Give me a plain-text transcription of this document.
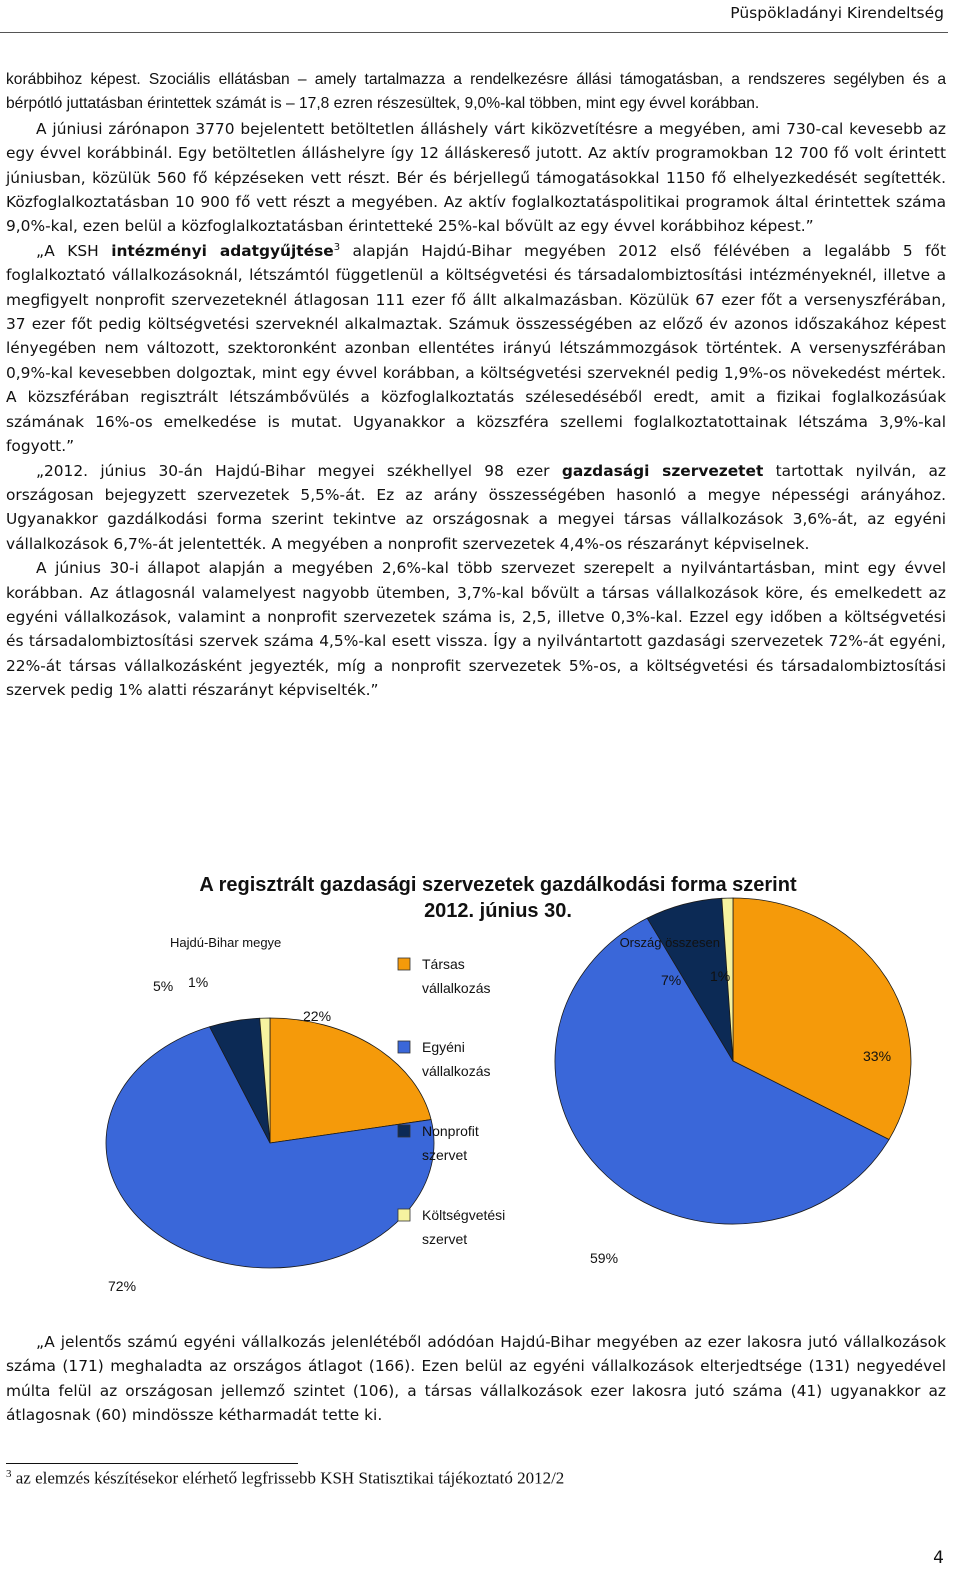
Püspökladányi Kirendeltség

korábbihoz képest. Szociális ellátásban – amely tartalmazza a rendelkezésre állási támogatásban, a rendszeres segélyben és a bérpótló juttatásban érintettek számát is – 17,8 ezren részesültek, 9,0%-kal többen, mint egy évvel korábban.

A júniusi zárónapon 3770 bejelentett betöltetlen álláshely várt kiközvetítésre a megyében, ami 730-cal kevesebb az egy évvel korábbinál. Egy betöltetlen álláshelyre így 12 álláskereső jutott. Az aktív programokban 12 700 fő volt érintett júniusban, közülük 560 fő képzéseken vett részt. Bér és bérjellegű támogatásokkal 1150 fő elhelyezkedését segítették. Közfoglalkoztatásban 10 900 fő vett részt a megyében. Az aktív foglalkoztatáspolitikai programok által érintettek száma 9,0%-kal, ezen belül a közfoglalkoztatásban érintetteké 25%-kal bővült az egy évvel korábbihoz képest.”

„A KSH intézményi adatgyűjtése$^3$ alapján Hajdú-Bihar megyében 2012 első félévében a legalább 5 főt foglalkoztató vállalkozásoknál, létszámtól függetlenül a költségvetési és társadalombiztosítási intézményeknél, illetve a megfigyelt nonprofit szervezeteknél átlagosan 111 ezer fő állt alkalmazásban. Közülük 67 ezer főt a versenyszférában, 37 ezer főt pedig költségvetési szerveknél alkalmaztak. Számuk összességében az előző év azonos időszakához képest lényegében nem változott, szektoronként azonban ellentétes irányú létszámmozgások történtek. A versenyszférában 0,9%-kal kevesebben dolgoztak, mint egy évvel korábban, a költségvetési szerveknél pedig 1,9%-os növekedést mértek. A közszférában regisztrált létszámbővülés a közfoglalkoztatás szélesedéséből eredt, amit a fizikai foglalkozásúak számának 16%-os emelkedése is mutat. Ugyanakkor a közszféra szellemi foglalkoztatottainak létszáma 3,9%-kal fogyott.”

„2012. június 30-án Hajdú-Bihar megyei székhellyel 98 ezer gazdasági szervezetet tartottak nyilván, az országosan bejegyzett szervezetek 5,5%-át. Ez az arány összességében hasonló a megye népességi arányához. Ugyanakkor gazdálkodási forma szerint tekintve az országosnak a megyei társas vállalkozások 3,6%-át, az egyéni vállalkozások 6,7%-át jelentették. A megyében a nonprofit szervezetek 4,4%-os részarányt képviselnek.

A június 30-i állapot alapján a megyében 2,6%-kal több szervezet szerepelt a nyilvántartásban, mint egy évvel korábban. Az átlagosnál valamelyest nagyobb ütemben, 3,7%-kal bővült a társas vállalkozások köre, és emelkedett az egyéni vállalkozások, valamint a nonprofit szervezetek száma is, 2,5, illetve 0,3%-kal. Ezzel egy időben a költségvetési és társadalombiztosítási szervek száma 4,5%-kal esett vissza. Így a nyilvántartott gazdasági szervezetek 72%-át egyéni, 22%-át társas vállalkozásként jegyezték, míg a nonprofit szervezetek 5%-os, a költségvetési és társadalombiztosítási szervek pedig 1% alatti részarányt képviselték.”

A regisztrált gazdasági szervezetek gazdálkodási forma szerint
2012. június 30.
Hajdú-Bihar megye
22%
72%
5% 1%
Ország összesen
33%
59%
7% 1%
Társas
vállalkozás
Egyéni
vállalkozás
Nonprofit
szervet
Költségvetési
szervet

„A jelentős számú egyéni vállalkozás jelenlétéből adódóan Hajdú-Bihar megyében az ezer lakosra jutó vállalkozások száma (171) meghaladta az országos átlagot (166). Ezen belül az egyéni vállalkozások elterjedtsége (131) negyedével múlta felül az országosan jellemző szintet (106), a társas vállalkozások ezer lakosra jutó száma (41) ugyanakkor az átlagosnak (60) mindössze kétharmadát tette ki.

$^3$ az elemzés készítésekor elérhető legfrissebb KSH Statisztikai tájékoztató 2012/2
4
